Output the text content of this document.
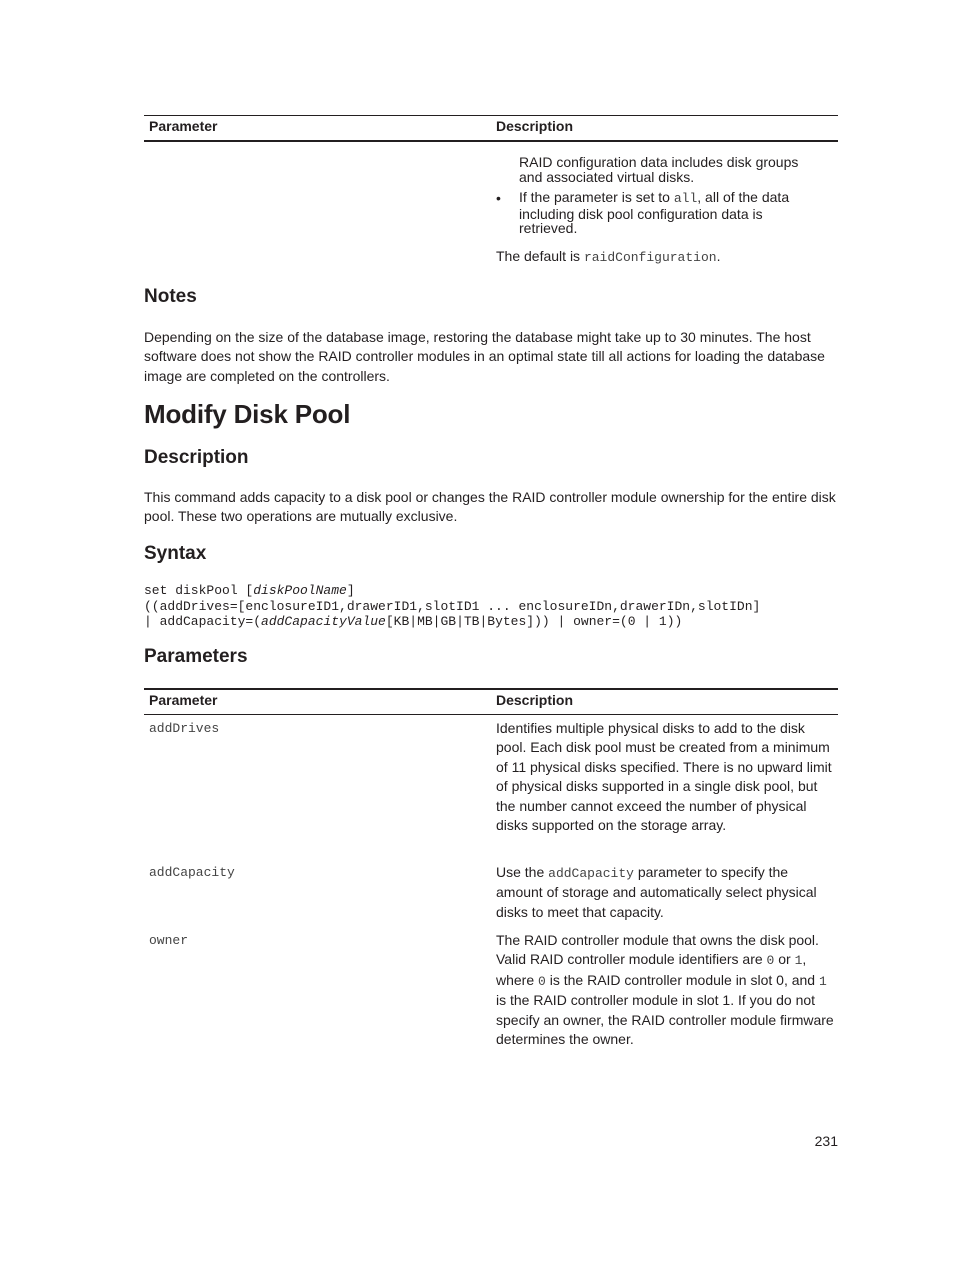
Parameter	Description
RAID configuration data includes disk groups
and associated virtual disks.
• If the parameter is set to all, all of the data
including disk pool configuration data is
retrieved.
The default is raidConfiguration.
Notes

Depending on the size of the database image, restoring the database might take up to 30 minutes. The host software does not show the RAID controller modules in an optimal state till all actions for loading the database image are completed on the controllers.

Modify Disk Pool
Description

This command adds capacity to a disk pool or changes the RAID controller module ownership for the entire disk pool. These two operations are mutually exclusive.

Syntax
set diskPool [diskPoolName]
((addDrives=[enclosureID1,drawerID1,slotID1 ... enclosureIDn,drawerIDn,slotIDn]
| addCapacity=(addCapacityValue[KB|MB|GB|TB|Bytes])) | owner=(0 | 1))
Parameters
Parameter	Description
addDrives	Identifies multiple physical disks to add to the disk pool. Each disk pool must be created from a minimum of 11 physical disks specified. There is no upward limit of physical disks supported in a single disk pool, but the number cannot exceed the number of physical disks supported on the storage array.
addCapacity	Use the addCapacity parameter to specify the amount of storage and automatically select physical disks to meet that capacity.
owner	The RAID controller module that owns the disk pool. Valid RAID controller module identifiers are 0 or 1, where 0 is the RAID controller module in slot 0, and 1 is the RAID controller module in slot 1. If you do not specify an owner, the RAID controller module firmware determines the owner.
231
